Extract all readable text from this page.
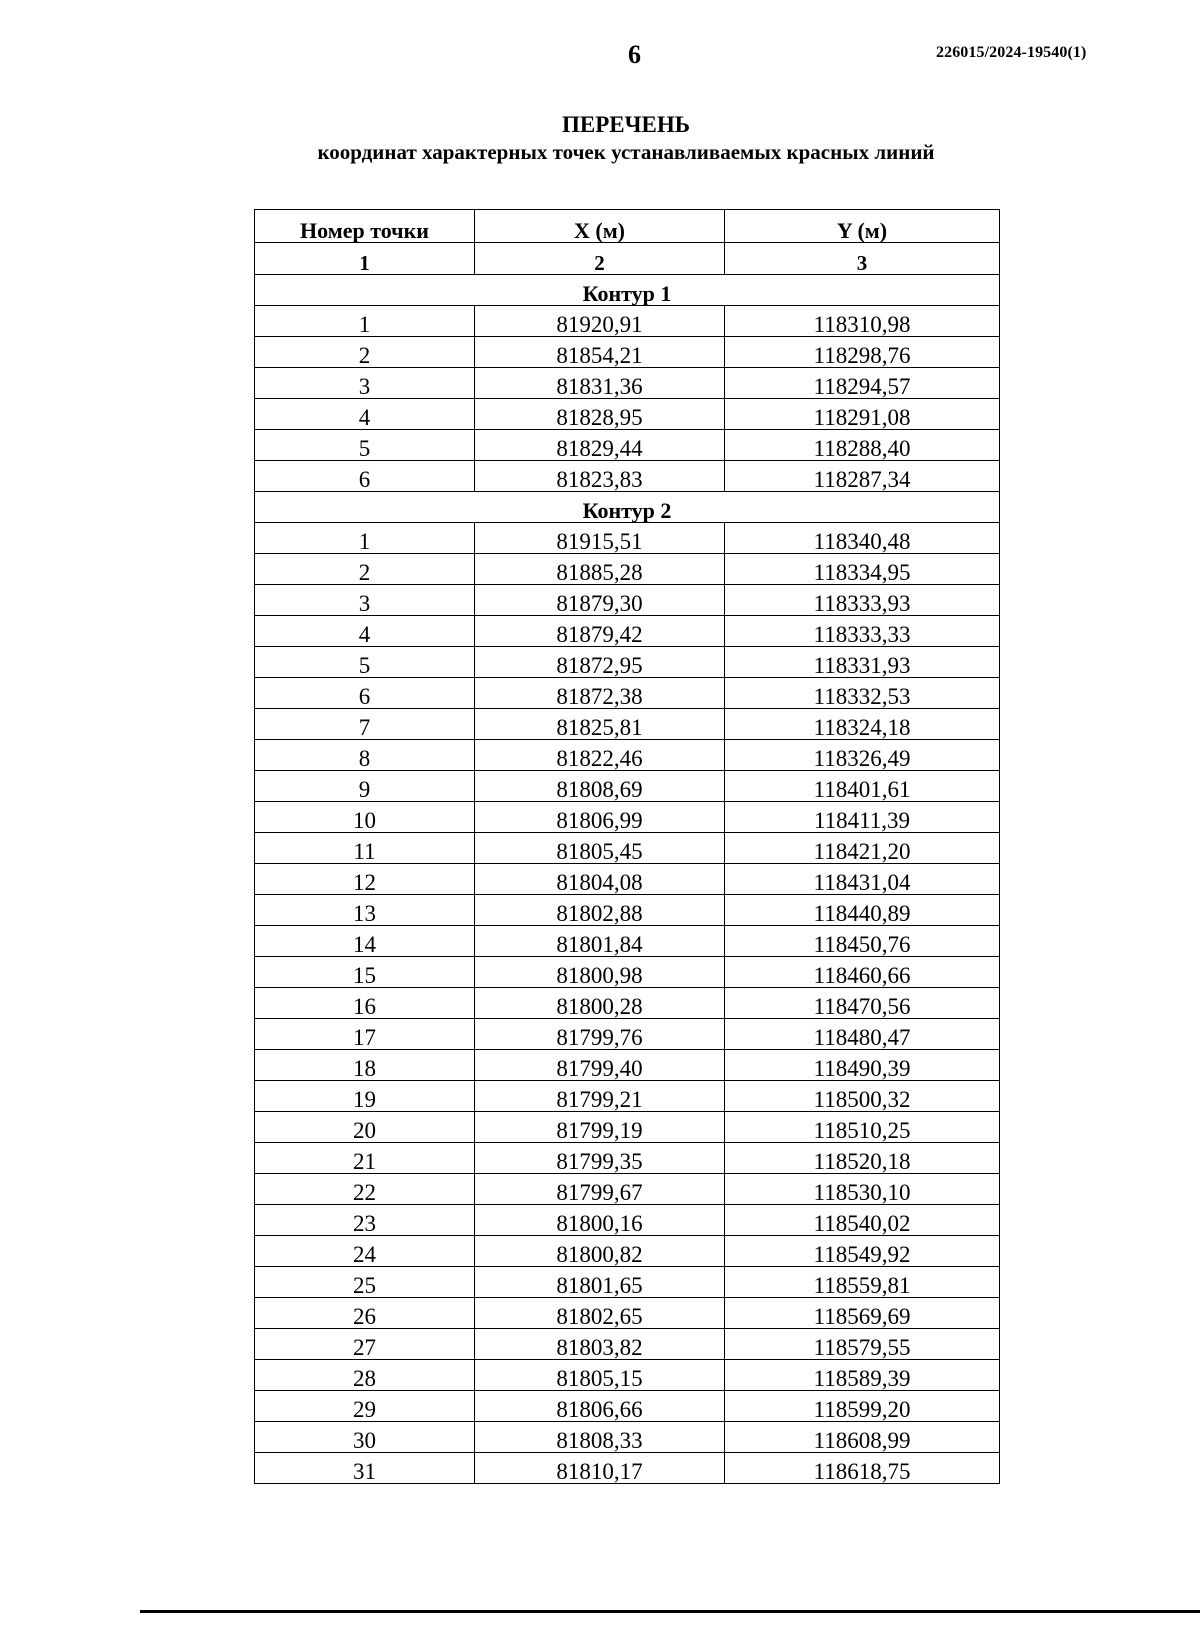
6	226015/2024-19540(1)
ПЕРЕЧЕНЬ
координат характерных точек устанавливаемых красных линий
Номер точки	X (м)	Y (м)
1	2	3
Контур 1		
1	81920,91	118310,98
2	81854,21	118298,76
3	81831,36	118294,57
4	81828,95	118291,08
5	81829,44	118288,40
6	81823,83	118287,34
Контур 2		
1	81915,51	118340,48
2	81885,28	118334,95
3	81879,30	118333,93
4	81879,42	118333,33
5	81872,95	118331,93
6	81872,38	118332,53
7	81825,81	118324,18
8	81822,46	118326,49
9	81808,69	118401,61
10	81806,99	118411,39
11	81805,45	118421,20
12	81804,08	118431,04
13	81802,88	118440,89
14	81801,84	118450,76
15	81800,98	118460,66
16	81800,28	118470,56
17	81799,76	118480,47
18	81799,40	118490,39
19	81799,21	118500,32
20	81799,19	118510,25
21	81799,35	118520,18
22	81799,67	118530,10
23	81800,16	118540,02
24	81800,82	118549,92
25	81801,65	118559,81
26	81802,65	118569,69
27	81803,82	118579,55
28	81805,15	118589,39
29	81806,66	118599,20
30	81808,33	118608,99
31	81810,17	118618,75
